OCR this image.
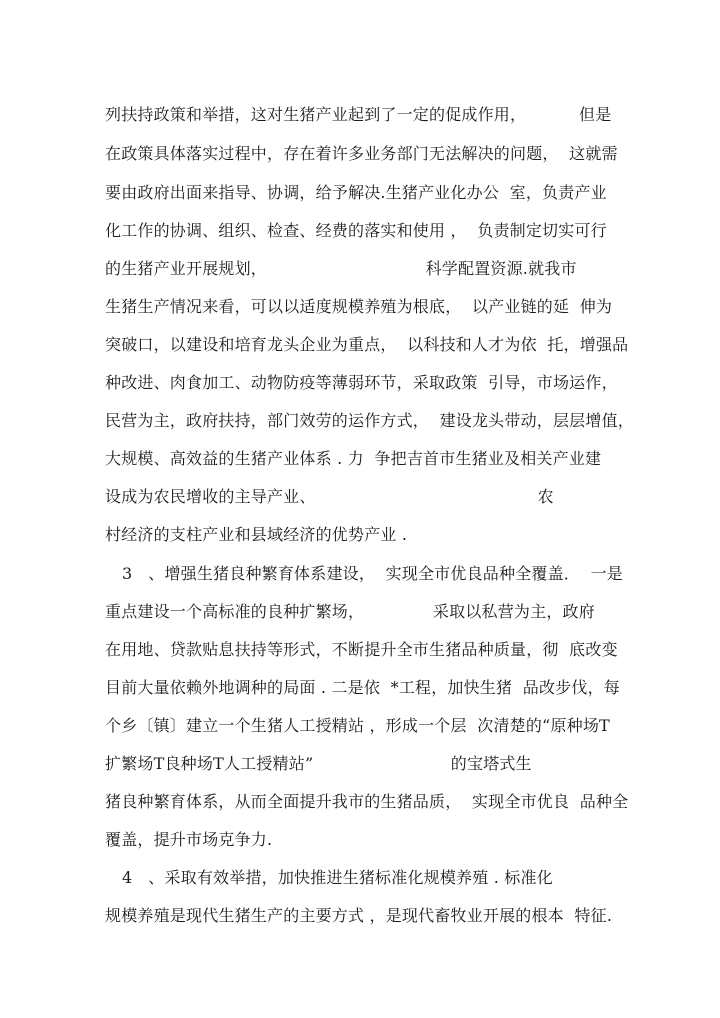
列扶持政策和举措，这对生猪产业起到了一定的促成作用，          但是
在政策具体落实过程中，存在着许多业务部门无法解决的问题，  这就需
要由政府出面来指导、协调，给予解决.生猪产业化办公  室，负责产业
化工作的协调、组织、检查、经费的落实和使用 ，  负责制定切实可行
的生猪产业开展规划，                              科学配置资源.就我市
生猪生产情况来看，可以以适度规模养殖为根底，  以产业链的延  伸为
突破口，以建设和培育龙头企业为重点，  以科技和人才为依  托，增强品
种改进、肉食加工、动物防疫等薄弱环节，采取政策  引导，市场运作，
民营为主，政府扶持，部门效劳的运作方式，  建设龙头带动，层层增值，
大规模、高效益的生猪产业体系 . 力  争把吉首市生猪业及相关产业建
设成为农民增收的主导产业、                                          农
村经济的支柱产业和县域经济的优势产业 .
3   、增强生猪良种繁育体系建设，  实现全市优良品种全覆盖．  一是
重点建设一个高标准的良种扩繁场，             采取以私营为主，政府
在用地、贷款贴息扶持等形式，不断提升全市生猪品种质量，彻  底改变
目前大量依赖外地调种的局面 . 二是依  *工程，加快生猪  品改步伐，每
个乡〔镇〕建立一个生猪人工授精站 ，形成一个层  次清楚的“原种场T
扩繁场T良种场T人工授精站”                          的宝塔式生
猪良种繁育体系，从而全面提升我市的生猪品质，  实现全市优良  品种全
覆盖，提升市场克争力.
4   、采取有效举措，加快推进生猪标准化规模养殖 . 标准化
规模养殖是现代生猪生产的主要方式 ，是现代畜牧业开展的根本  特征.
